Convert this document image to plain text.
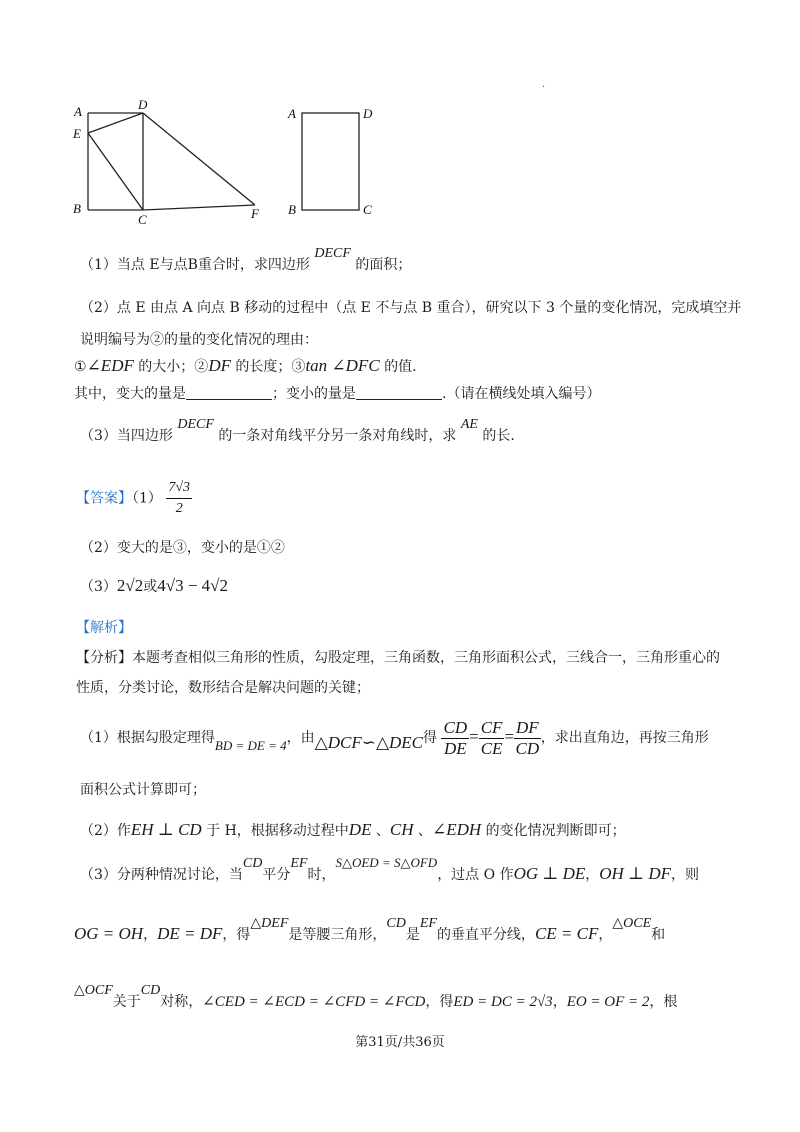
·
A	D
E
B
C	F
A	D
B	C
（1）当点 E与点B重合时，求四边形 DECF 的面积；
（2）点 E 由点 A 向点 B 移动的过程中（点 E 不与点 B 重合），研究以下 3 个量的变化情况，完成填空并
说明编号为②的量的变化情况的理由：
①∠EDF 的大小；②DF 的长度；③tan ∠DFC 的值.
其中，变大的量是	；变小的量是	.（请在横线处填入编号）
（3）当四边形 DECF 的一条对角线平分另一条对角线时，求 AE 的长.
【答案】$(1) \frac{7√3}{2}$
（2）变大的是③，变小的是①②
（3）2√2或4√3 − 4√2
【解析】
【分析】本题考查相似三角形的性质，勾股定理，三角函数，三角形面积公式，三线合一，三角形重心的
性质，分类讨论，数形结合是解决问题的关键；
（1）根据勾股定理得BD = DE = 4，由△DCF∽△DEC得 $\frac{CD}{DE} = \frac{CF}{CE} = \frac{DF}{CD}$ ，求出直角边，再按三角形
面积公式计算即可；
（2）作EH ⊥ CD 于 H，根据移动过程中DE 、CH 、∠EDH 的变化情况判断即可；
（3）分两种情况讨论，当CD平分EF时，S△OED = S△OFD，过点 O 作OG ⊥ DE，OH ⊥ DF，则
OG = OH，DE = DF，得△DEF是等腰三角形，CD是EF的垂直平分线，CE = CF，△OCE和
△OCF关于CD对称，∠CED = ∠ECD = ∠CFD = ∠FCD，得ED = DC = 2√3，EO = OF = 2，根
第31页/共36页
